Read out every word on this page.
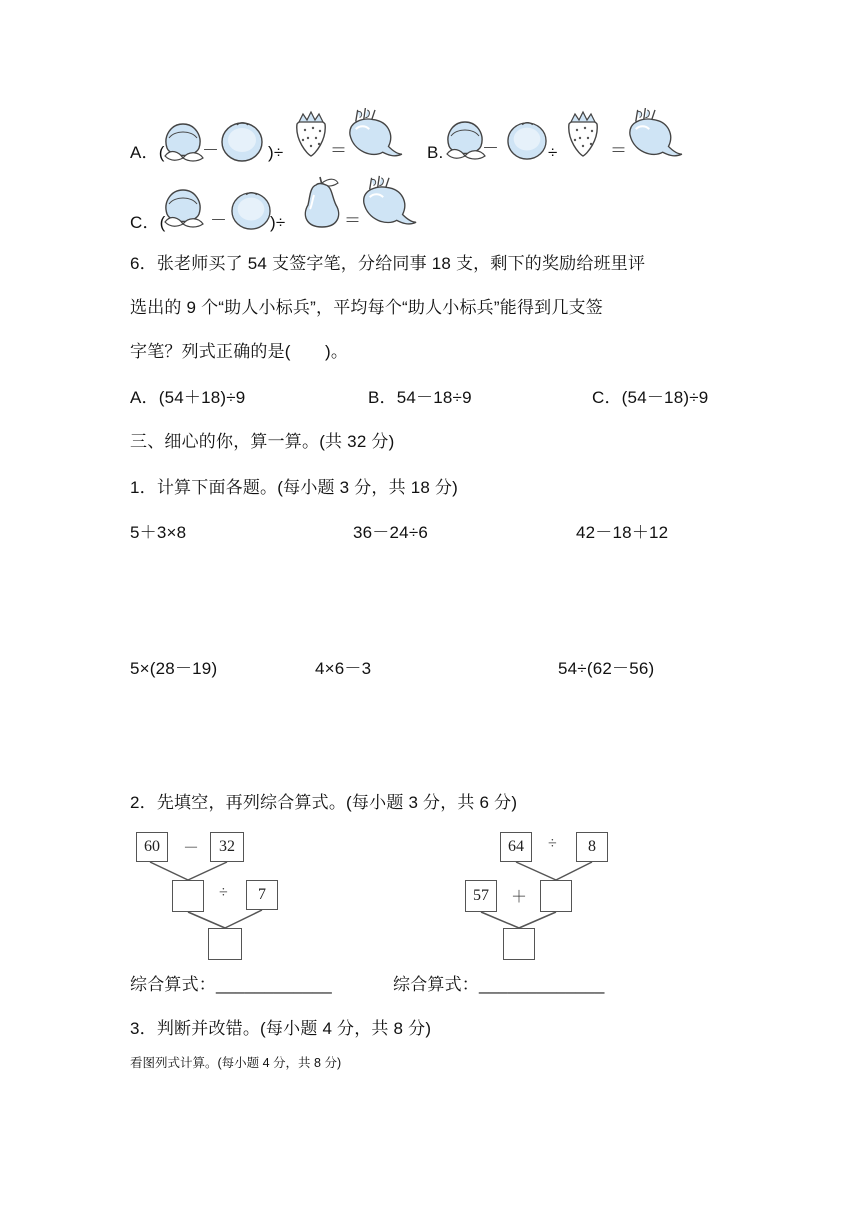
A．( －	)÷	＝	B. －	÷	＝
C．(	－	)÷	＝
6．张老师买了 54 支签字笔，分给同事 18 支，剩下的奖励给班里评
选出的 9 个“助人小标兵”，平均每个“助人小标兵”能得到几支签
字笔？列式正确的是(　　)。
A．(54＋18)÷9	B．54－18÷9	C．(54－18)÷9
三、细心的你，算一算。(共 32 分)
1．计算下面各题。(每小题 3 分，共 18 分)
5＋3×8	36－24÷6	42－18＋12
5×(28－19)	4×6－3	54÷(62－56)
2．先填空，再列综合算式。(每小题 3 分，共 6 分)
60	－	32
÷	7
64	÷	8
57	＋
综合算式：____________	综合算式：_____________
3．判断并改错。(每小题 4 分，共 8 分)
看图列式计算。(每小题 4 分，共 8 分)
